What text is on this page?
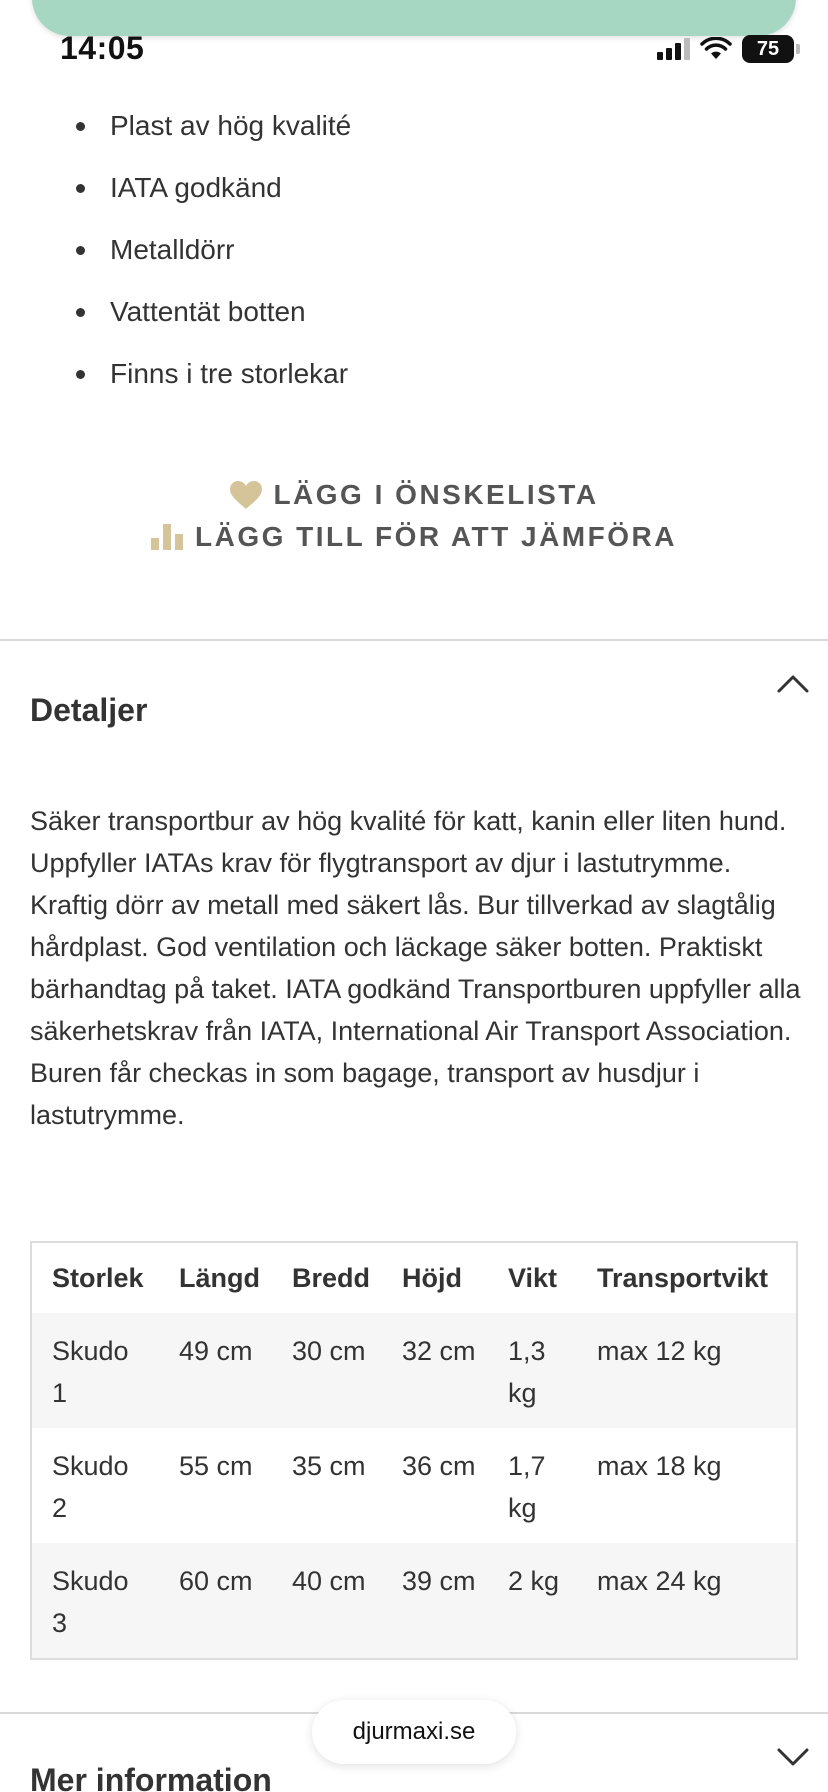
14:05	75
Plast av hög kvalité
IATA godkänd
Metalldörr
Vattentät botten
Finns i tre storlekar
LÄGG I ÖNSKELISTA
LÄGG TILL FÖR ATT JÄMFÖRA
Detaljer

Säker transportbur av hög kvalité för katt, kanin eller liten hund. Uppfyller IATAs krav för flygtransport av djur i lastutrymme. Kraftig dörr av metall med säkert lås. Bur tillverkad av slagtålig hårdplast. God ventilation och läckage säker botten. Praktiskt bärhandtag på taket. IATA godkänd Transportburen uppfyller alla säkerhetskrav från IATA, International Air Transport Association. Buren får checkas in som bagage, transport av husdjur i lastutrymme.

Storlek	Längd	Bredd	Höjd	Vikt	Transportvikt
Skudo 1	49 cm	30 cm	32 cm	1,3 kg	max 12 kg
Skudo 2	55 cm	35 cm	36 cm	1,7 kg	max 18 kg
Skudo 3	60 cm	40 cm	39 cm	2 kg	max 24 kg
Mer information
djurmaxi.se
